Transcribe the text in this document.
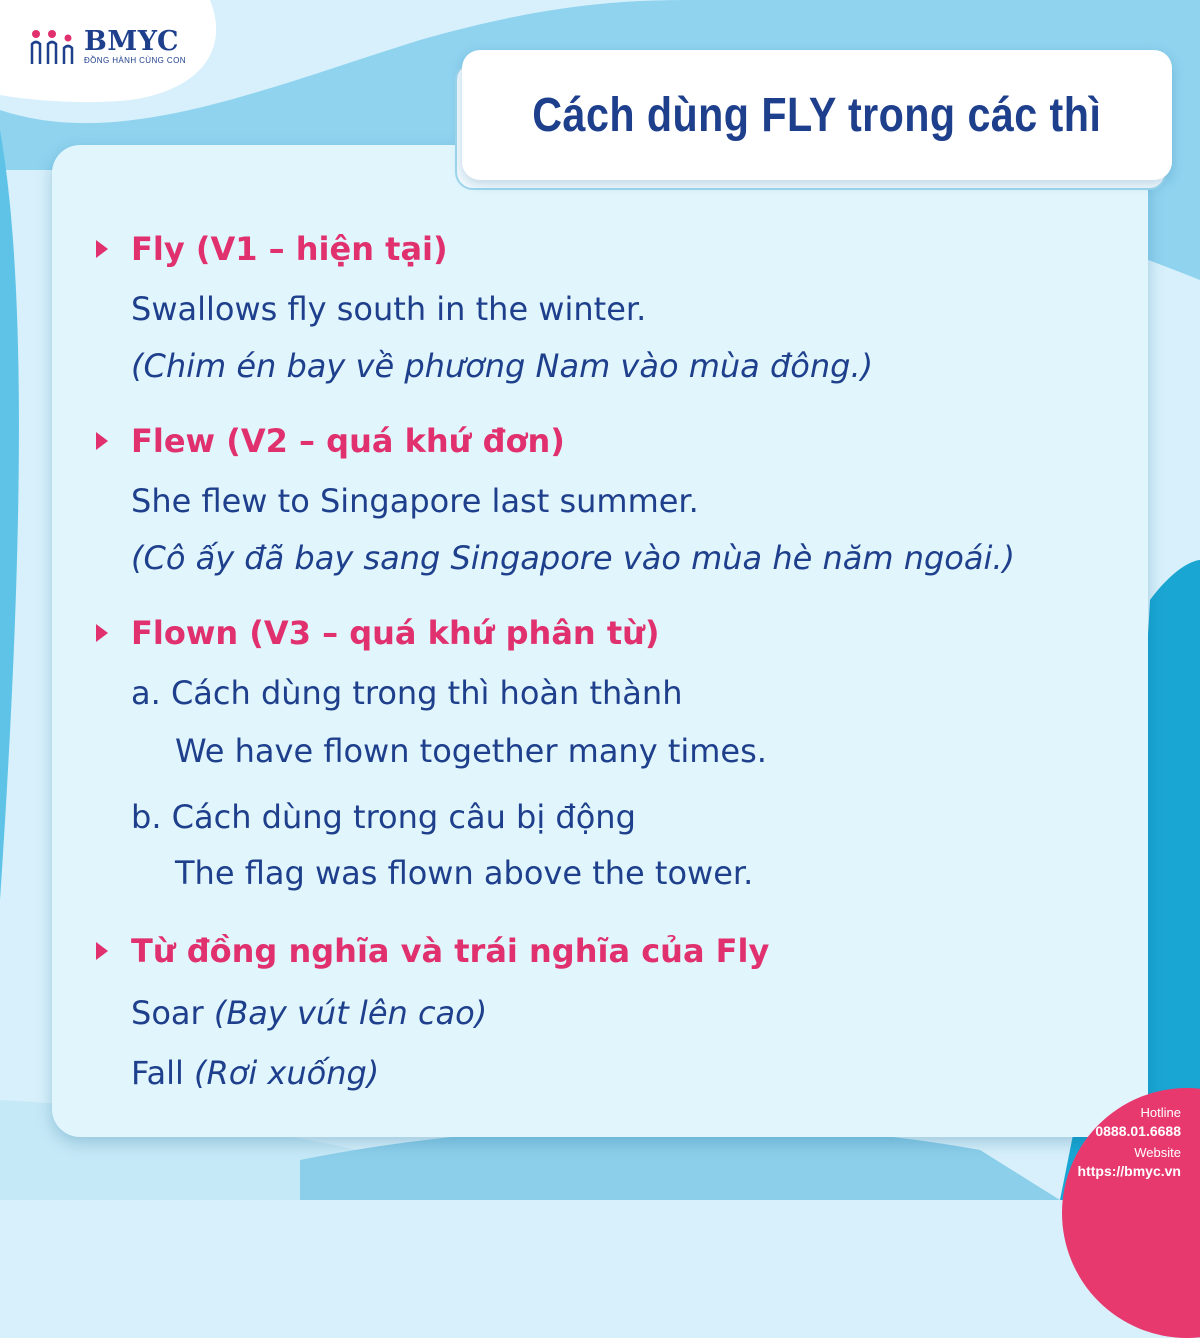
BMYC
ĐỒNG HÀNH CÙNG CON
Cách dùng FLY trong các thì
Fly (V1 – hiện tại)
Swallows fly south in the winter.
(Chim én bay về phương Nam vào mùa đông.)
Flew (V2 – quá khứ đơn)
She flew to Singapore last summer.
(Cô ấy đã bay sang Singapore vào mùa hè năm ngoái.)
Flown (V3 – quá khứ phân từ)
a. Cách dùng trong thì hoàn thành
We have flown together many times.
b. Cách dùng trong câu bị động
The flag was flown above the tower.
Từ đồng nghĩa và trái nghĩa của Fly
Soar (Bay vút lên cao)
Fall (Rơi xuống)
Hotline
0888.01.6688
Website
https://bmyc.vn
